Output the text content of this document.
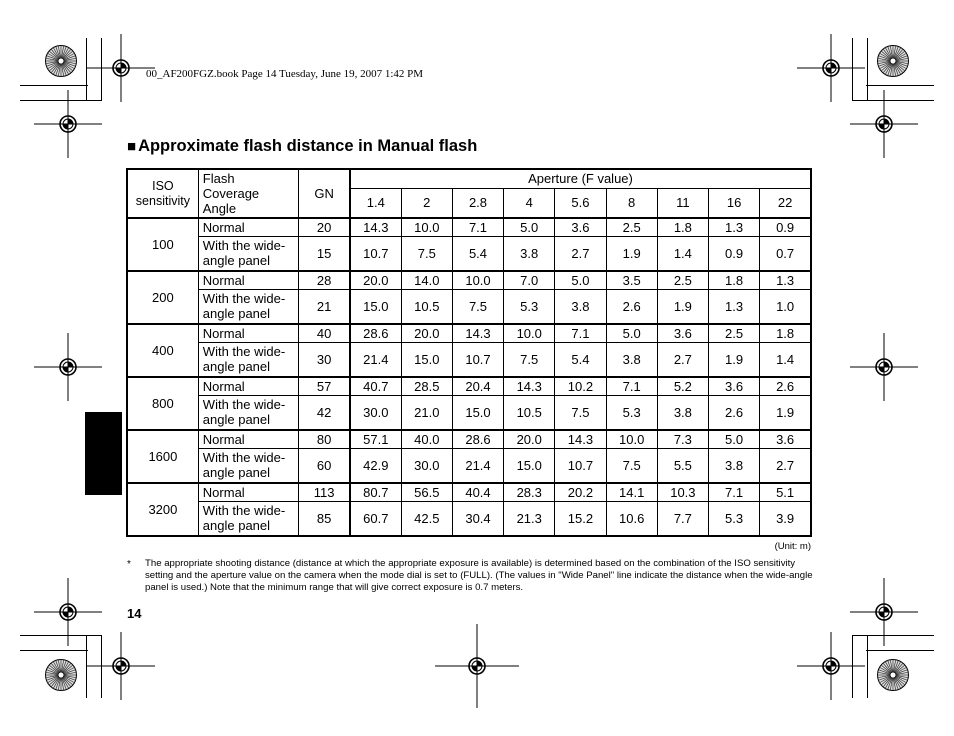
00_AF200FGZ.book Page 14 Tuesday, June 19, 2007 1:42 PM
■ Approximate flash distance in Manual flash
ISO sensitivity	Flash Coverage Angle	GN	Aperture (F value)								
			1.4	2	2.8	4	5.6	8	11	16	22
100	Normal	20	14.3	10.0	7.1	5.0	3.6	2.5	1.8	1.3	0.9
	With the wide-angle panel	15	10.7	7.5	5.4	3.8	2.7	1.9	1.4	0.9	0.7
200	Normal	28	20.0	14.0	10.0	7.0	5.0	3.5	2.5	1.8	1.3
	With the wide-angle panel	21	15.0	10.5	7.5	5.3	3.8	2.6	1.9	1.3	1.0
400	Normal	40	28.6	20.0	14.3	10.0	7.1	5.0	3.6	2.5	1.8
	With the wide-angle panel	30	21.4	15.0	10.7	7.5	5.4	3.8	2.7	1.9	1.4
800	Normal	57	40.7	28.5	20.4	14.3	10.2	7.1	5.2	3.6	2.6
	With the wide-angle panel	42	30.0	21.0	15.0	10.5	7.5	5.3	3.8	2.6	1.9
1600	Normal	80	57.1	40.0	28.6	20.0	14.3	10.0	7.3	5.0	3.6
	With the wide-angle panel	60	42.9	30.0	21.4	15.0	10.7	7.5	5.5	3.8	2.7
3200	Normal	113	80.7	56.5	40.4	28.3	20.2	14.1	10.3	7.1	5.1
	With the wide-angle panel	85	60.7	42.5	30.4	21.3	15.2	10.6	7.7	5.3	3.9
(Unit: m)
* The appropriate shooting distance (distance at which the appropriate exposure is available) is determined based on the combination of the ISO sensitivity setting and the aperture value on the camera when the mode dial is set to (FULL). (The values in "Wide Panel" line indicate the distance when the wide-angle panel is used.) Note that the minimum range that will give correct exposure is 0.7 meters.
14
